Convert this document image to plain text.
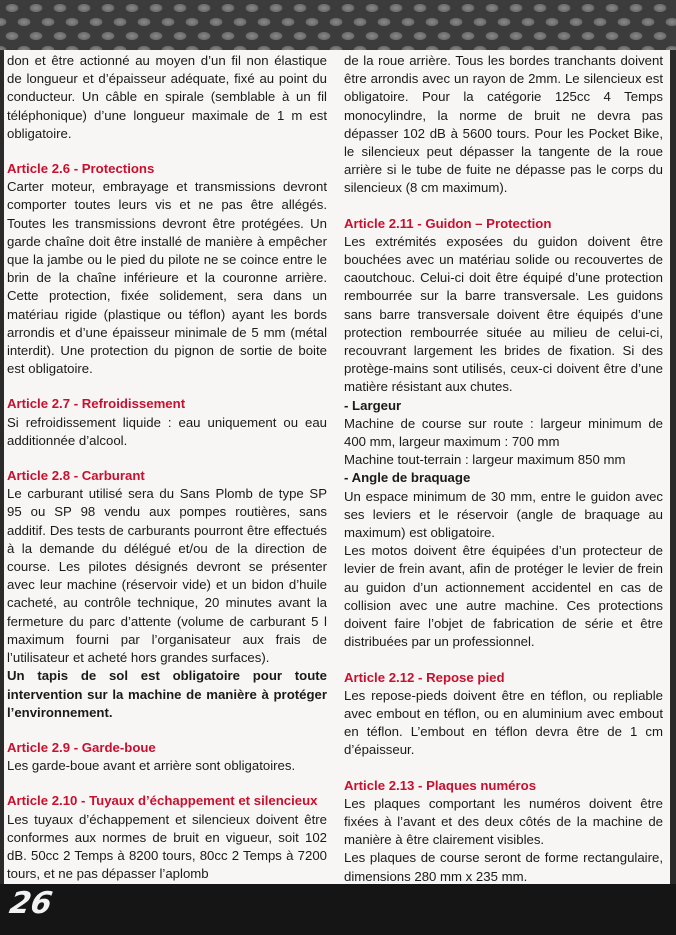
don et être actionné au moyen d’un fil non élastique de longueur et d’épaisseur adéquate, fixé au point du conducteur. Un câble en spirale (semblable à un fil téléphonique) d’une longueur maximale de 1 m est obligatoire.

Article 2.6 - Protections

Carter moteur, embrayage et transmissions devront comporter toutes leurs vis et ne pas être allégés. Toutes les transmissions devront être protégées. Un garde chaîne doit être installé de manière à empêcher que la jambe ou le pied du pilote ne se coince entre le brin de la chaîne inférieure et la couronne arrière. Cette protection, fixée solidement, sera dans un matériau rigide (plastique ou téflon) ayant les bords arrondis et d’une épaisseur minimale de 5 mm (métal interdit). Une protection du pignon de sortie de boite est obligatoire.

Article 2.7 - Refroidissement

Si refroidissement liquide : eau uniquement ou eau additionnée d’alcool.

Article 2.8 - Carburant

Le carburant utilisé sera du Sans Plomb de type SP 95 ou SP 98 vendu aux pompes routières, sans additif. Des tests de carburants pourront être effectués à la demande du délégué et/ou de la direction de course. Les pilotes désignés devront se présenter avec leur machine (réservoir vide) et un bidon d’huile cacheté, au contrôle technique, 20 minutes avant la fermeture du parc d’attente (volume de carburant 5 l maximum fourni par l’organisateur aux frais de l’utilisateur et acheté hors grandes surfaces).

Un tapis de sol est obligatoire pour toute intervention sur la machine de manière à protéger l’environnement.

Article 2.9 - Garde-boue

Les garde-boue avant et arrière sont obligatoires.

Article 2.10 - Tuyaux d’échappement et silencieux

Les tuyaux d’échappement et silencieux doivent être conformes aux normes de bruit en vigueur, soit 102 dB. 50cc 2 Temps à 8200 tours, 80cc 2 Temps à 7200 tours, et ne pas dépasser l’aplomb

de la roue arrière. Tous les bordes tranchants doivent être arrondis avec un rayon de 2mm. Le silencieux est obligatoire. Pour la catégorie 125cc 4 Temps monocylindre, la norme de bruit ne devra pas dépasser 102 dB à 5600 tours. Pour les Pocket Bike, le silencieux peut dépasser la tangente de la roue arrière si le tube de fuite ne dépasse pas le corps du silencieux (8 cm maximum).

Article 2.11 - Guidon – Protection

Les extrémités exposées du guidon doivent être bouchées avec un matériau solide ou recouvertes de caoutchouc. Celui-ci doit être équipé d’une protection rembourrée sur la barre transversale. Les guidons sans barre transversale doivent être équipés d’une protection rembourrée située au milieu de celui-ci, recouvrant largement les brides de fixation. Si des protège-mains sont utilisés, ceux-ci doivent être d’une matière résistant aux chutes.

- Largeur

Machine de course sur route : largeur minimum de 400 mm, largeur maximum : 700 mm

Machine tout-terrain : largeur maximum 850 mm

- Angle de braquage

Un espace minimum de 30 mm, entre le guidon avec ses leviers et le réservoir (angle de braquage au maximum) est obligatoire.

Les motos doivent être équipées d’un protecteur de levier de frein avant, afin de protéger le levier de frein au guidon d’un actionnement accidentel en cas de collision avec une autre machine. Ces protections doivent faire l’objet de fabrication de série et être distribuées par un professionnel.

Article 2.12 - Repose pied

Les repose-pieds doivent être en téflon, ou repliable avec embout en téflon, ou en aluminium avec embout en téflon. L’embout en téflon devra être de 1 cm d’épaisseur.

Article 2.13 - Plaques numéros

Les plaques comportant les numéros doivent être fixées à l’avant et des deux côtés de la machine de manière à être clairement visibles.

Les plaques de course seront de forme rectangulaire, dimensions 280 mm x 235 mm.

26
